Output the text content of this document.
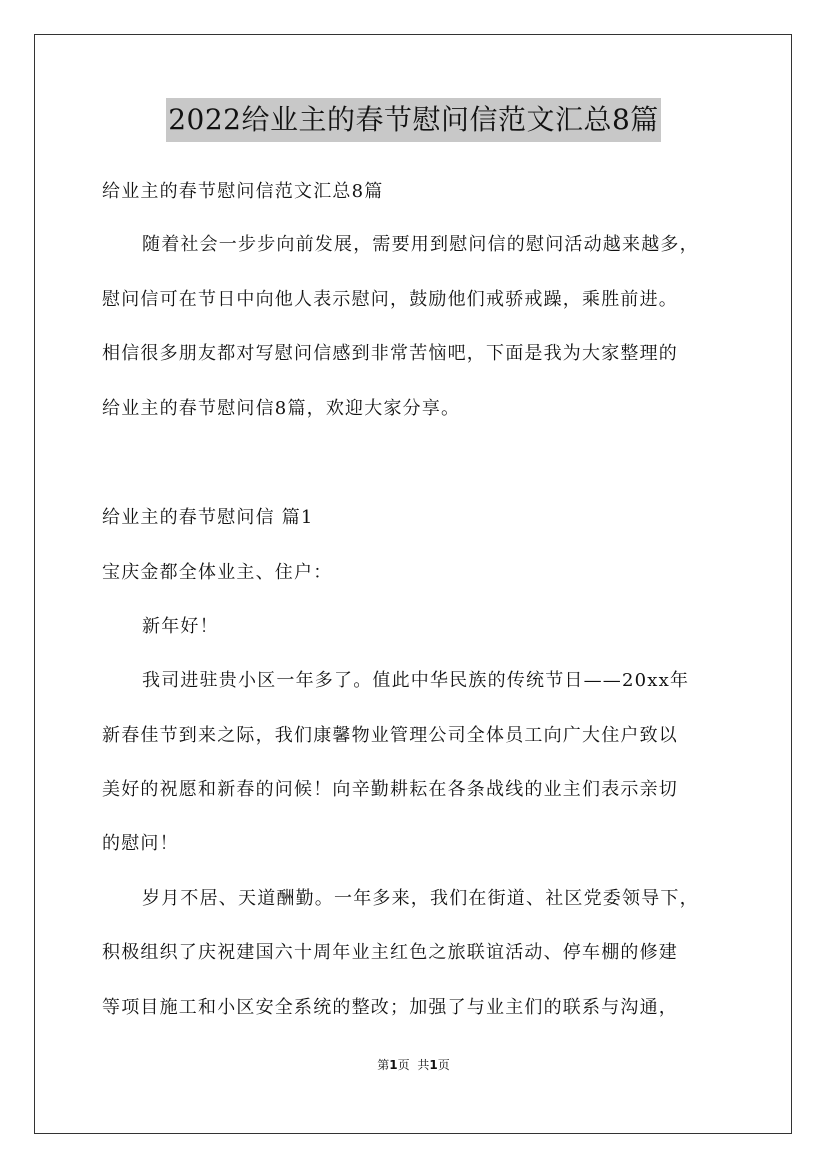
2022给业主的春节慰问信范文汇总8篇
给业主的春节慰问信范文汇总8篇
随着社会一步步向前发展，需要用到慰问信的慰问活动越来越多，
慰问信可在节日中向他人表示慰问，鼓励他们戒骄戒躁，乘胜前进。
相信很多朋友都对写慰问信感到非常苦恼吧，下面是我为大家整理的
给业主的春节慰问信8篇，欢迎大家分享。
给业主的春节慰问信 篇1
宝庆金都全体业主、住户：
新年好！
我司进驻贵小区一年多了。值此中华民族的传统节日——20xx年
新春佳节到来之际，我们康馨物业管理公司全体员工向广大住户致以
美好的祝愿和新春的问候！向辛勤耕耘在各条战线的业主们表示亲切
的慰问！
岁月不居、天道酬勤。一年多来，我们在街道、社区党委领导下，
积极组织了庆祝建国六十周年业主红色之旅联谊活动、停车棚的修建
等项目施工和小区安全系统的整改；加强了与业主们的联系与沟通，
第1页 共1页
